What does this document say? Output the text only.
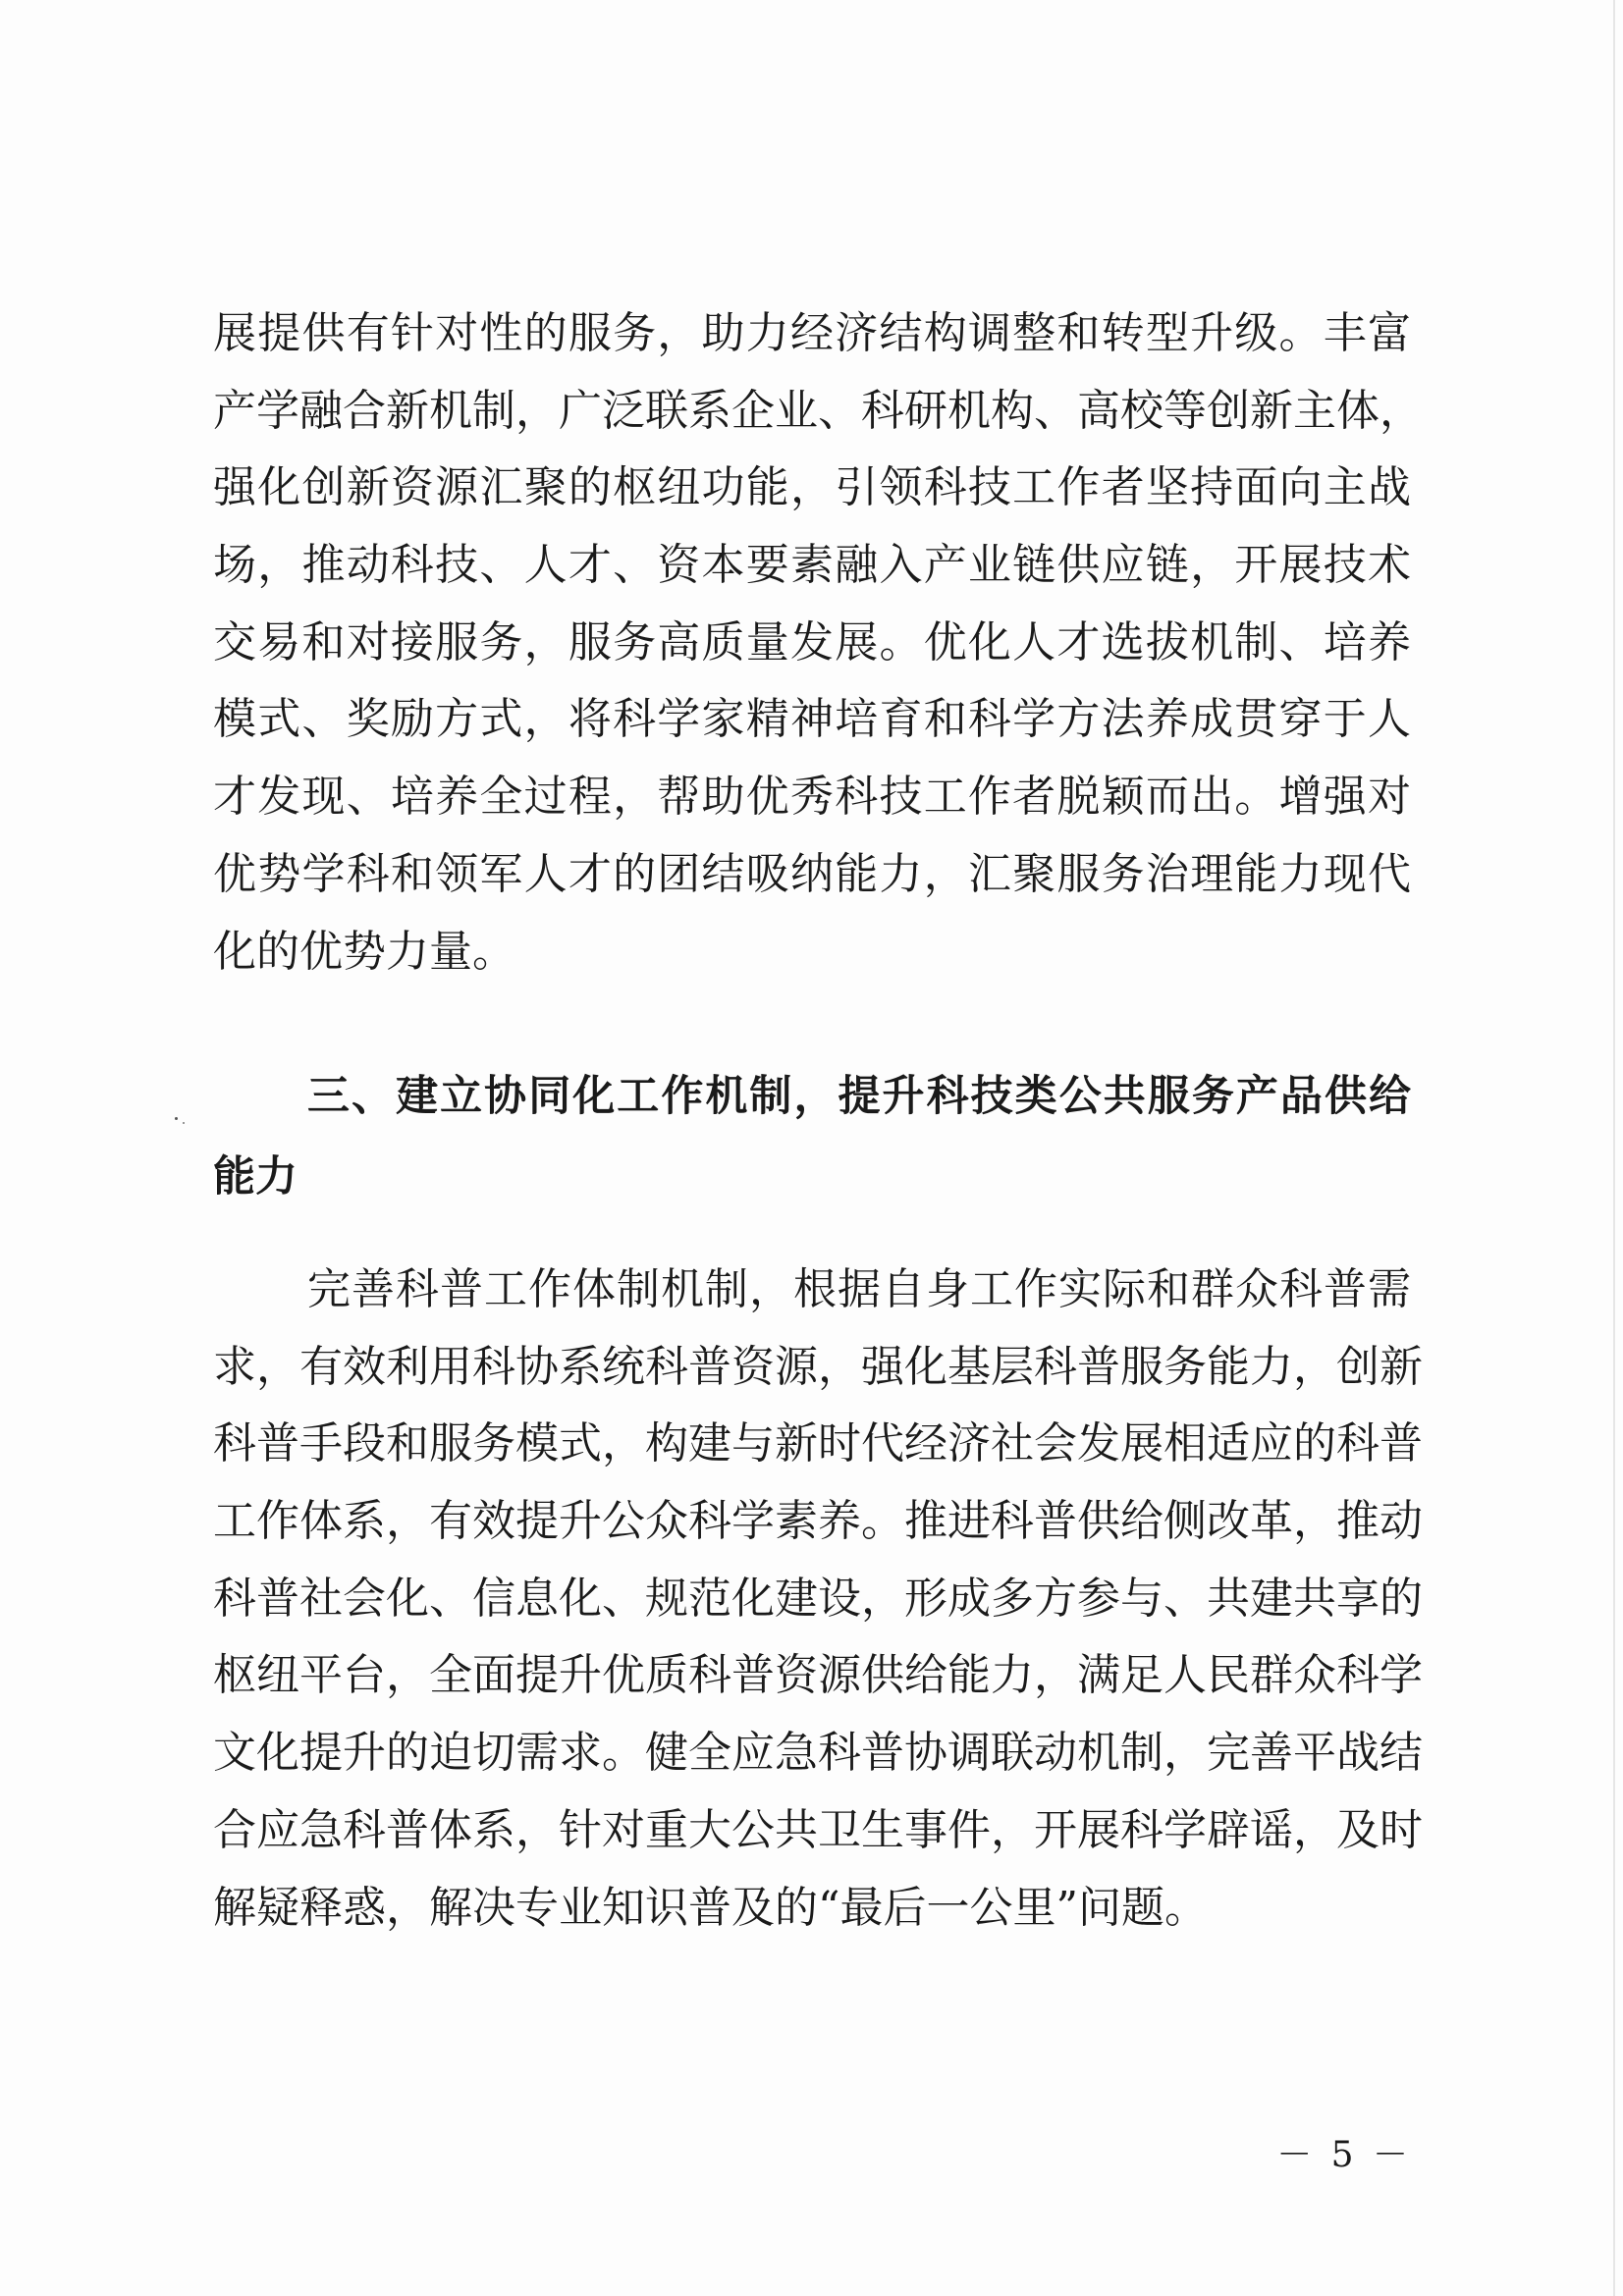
展提供有针对性的服务，助力经济结构调整和转型升级。丰富
产学融合新机制，广泛联系企业、科研机构、高校等创新主体，
强化创新资源汇聚的枢纽功能，引领科技工作者坚持面向主战
场，推动科技、人才、资本要素融入产业链供应链，开展技术
交易和对接服务，服务高质量发展。优化人才选拔机制、培养
模式、奖励方式，将科学家精神培育和科学方法养成贯穿于人
才发现、培养全过程，帮助优秀科技工作者脱颖而出。增强对
优势学科和领军人才的团结吸纳能力，汇聚服务治理能力现代
化的优势力量。
三、建立协同化工作机制，提升科技类公共服务产品供给
能力
完善科普工作体制机制，根据自身工作实际和群众科普需
求，有效利用科协系统科普资源，强化基层科普服务能力，创新
科普手段和服务模式，构建与新时代经济社会发展相适应的科普
工作体系，有效提升公众科学素养。推进科普供给侧改革，推动
科普社会化、信息化、规范化建设，形成多方参与、共建共享的
枢纽平台，全面提升优质科普资源供给能力，满足人民群众科学
文化提升的迫切需求。健全应急科普协调联动机制，完善平战结
合应急科普体系，针对重大公共卫生事件，开展科学辟谣，及时
解疑释惑，解决专业知识普及的“最后一公里”问题。
－ 5 －
